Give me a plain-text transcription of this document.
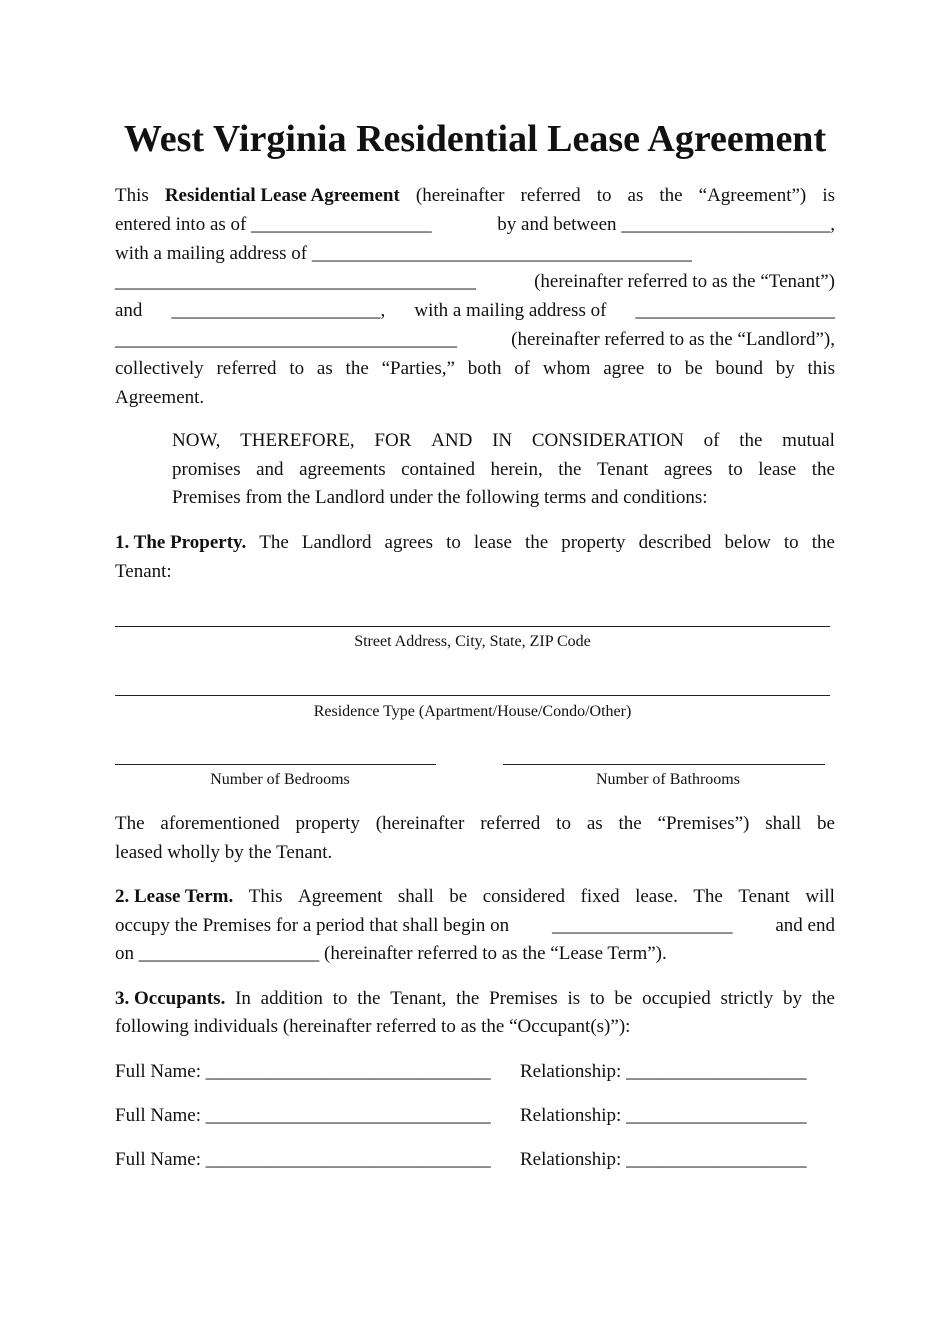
West Virginia Residential Lease Agreement
This Residential Lease Agreement (hereinafter referred to as the “Agreement”) is
entered into as of ___________________	by and between ______________________,
with a mailing address of ________________________________________
______________________________________	(hereinafter referred to as the “Tenant”)
and ______________________, with a mailing address of _____________________
____________________________________	(hereinafter referred to as the “Landlord”),
collectively referred to as the “Parties,” both of whom agree to be bound by this
Agreement.
NOW, THEREFORE, FOR AND IN CONSIDERATION of the mutual
promises and agreements contained herein, the Tenant agrees to lease the
Premises from the Landlord under the following terms and conditions:
1. The Property. The Landlord agrees to lease the property described below to the
Tenant:
Street Address, City, State, ZIP Code
Residence Type (Apartment/House/Condo/Other)
Number of Bedrooms	Number of Bathrooms
The aforementioned property (hereinafter referred to as the “Premises”) shall be
leased wholly by the Tenant.
2. Lease Term. This Agreement shall be considered fixed lease. The Tenant will
occupy the Premises for a period that shall begin on ___________________ and end
on ___________________ (hereinafter referred to as the “Lease Term”).
3. Occupants. In addition to the Tenant, the Premises is to be occupied strictly by the
following individuals (hereinafter referred to as the “Occupant(s)”):
Full Name: ______________________________ Relationship: ___________________
Full Name: ______________________________ Relationship: ___________________
Full Name: ______________________________ Relationship: ___________________
